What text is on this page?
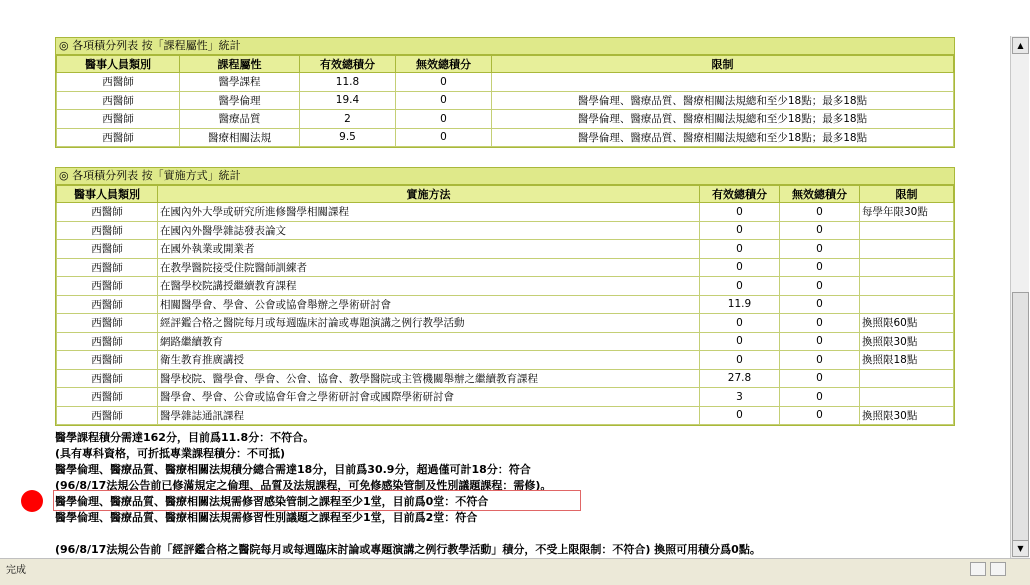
◎ 各項積分列表 按「課程屬性」統計
醫事人員類別	課程屬性	有效總積分	無效總積分	限制
西醫師	醫學課程	11.8	0	
西醫師	醫學倫理	19.4	0	醫學倫理、醫療品質、醫療相關法規總和至少18點；最多18點
西醫師	醫療品質	2	0	醫學倫理、醫療品質、醫療相關法規總和至少18點；最多18點
西醫師	醫療相關法規	9.5	0	醫學倫理、醫療品質、醫療相關法規總和至少18點；最多18點
◎ 各項積分列表 按「實施方式」統計
醫事人員類別	實施方法	有效總積分	無效總積分	限制
西醫師	在國內外大學或研究所進修醫學相關課程	0	0	每學年限30點
西醫師	在國內外醫學雜誌發表論文	0	0	
西醫師	在國外執業或開業者	0	0	
西醫師	在教學醫院接受住院醫師訓練者	0	0	
西醫師	在醫學校院講授繼續教育課程	0	0	
西醫師	相關醫學會、學會、公會或協會舉辦之學術研討會	11.9	0	
西醫師	經評鑑合格之醫院每月或每週臨床討論或專題演講之例行教學活動	0	0	換照限60點
西醫師	網路繼續教育	0	0	換照限30點
西醫師	衛生教育推廣講授	0	0	換照限18點
西醫師	醫學校院、醫學會、學會、公會、協會、教學醫院或主管機關舉辦之繼續教育課程	27.8	0	
西醫師	醫學會、學會、公會或協會年會之學術研討會或國際學術研討會	3	0	
西醫師	醫學雜誌通訊課程	0	0	換照限30點
醫學課程積分需達162分，目前爲11.8分：不符合。
(具有專科資格，可折抵專業課程積分：不可抵)
醫學倫理、醫療品質、醫療相關法規積分總合需達18分，目前爲30.9分，超過僅可計18分：符合
(96/8/17法規公告前已修滿規定之倫理、品質及法規課程，可免修感染管制及性別議題課程：需修)。
醫學倫理、醫療品質、醫療相關法規需修習感染管制之課程至少1堂，目前爲0堂：不符合
醫學倫理、醫療品質、醫療相關法規需修習性別議題之課程至少1堂，目前爲2堂：符合
(96/8/17法規公告前「經評鑑合格之醫院每月或每週臨床討論或專題演講之例行教學活動」積分，不受上限限制：不符合) 換照可用積分爲0點。
▲
▼
完成
